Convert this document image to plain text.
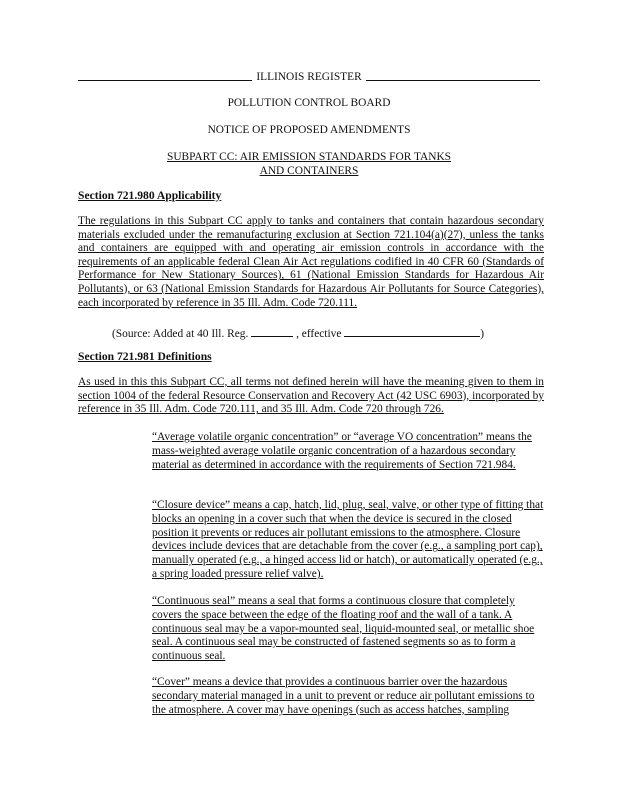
ILLINOIS REGISTER
POLLUTION CONTROL BOARD
NOTICE OF PROPOSED AMENDMENTS
SUBPART CC: AIR EMISSION STANDARDS FOR TANKS
AND CONTAINERS
Section 721.980 Applicability
The regulations in this Subpart CC apply to tanks and containers that contain hazardous secondary materials excluded under the remanufacturing exclusion at Section 721.104(a)(27), unless the tanks and containers are equipped with and operating air emission controls in accordance with the requirements of an applicable federal Clean Air Act regulations codified in 40 CFR 60 (Standards of Performance for New Stationary Sources), 61 (National Emission Standards for Hazardous Air Pollutants), or 63 (National Emission Standards for Hazardous Air Pollutants for Source Categories), each incorporated by reference in 35 Ill. Adm. Code 720.111.
(Source: Added at 40 Ill. Reg.	, effective	)
Section 721.981 Definitions
As used in this this Subpart CC, all terms not defined herein will have the meaning given to them in section 1004 of the federal Resource Conservation and Recovery Act (42 USC 6903), incorporated by reference in 35 Ill. Adm. Code 720.111, and 35 Ill. Adm. Code 720 through 726.
“Average volatile organic concentration” or “average VO concentration” means the mass-weighted average volatile organic concentration of a hazardous secondary material as determined in accordance with the requirements of Section 721.984.
“Closure device” means a cap, hatch, lid, plug, seal, valve, or other type of fitting that blocks an opening in a cover such that when the device is secured in the closed position it prevents or reduces air pollutant emissions to the atmosphere. Closure devices include devices that are detachable from the cover (e.g., a sampling port cap), manually operated (e.g., a hinged access lid or hatch), or automatically operated (e.g., a spring loaded pressure relief valve).
“Continuous seal” means a seal that forms a continuous closure that completely covers the space between the edge of the floating roof and the wall of a tank. A continuous seal may be a vapor-mounted seal, liquid-mounted seal, or metallic shoe seal. A continuous seal may be constructed of fastened segments so as to form a continuous seal.
“Cover” means a device that provides a continuous barrier over the hazardous secondary material managed in a unit to prevent or reduce air pollutant emissions to the atmosphere. A cover may have openings (such as access hatches, sampling
